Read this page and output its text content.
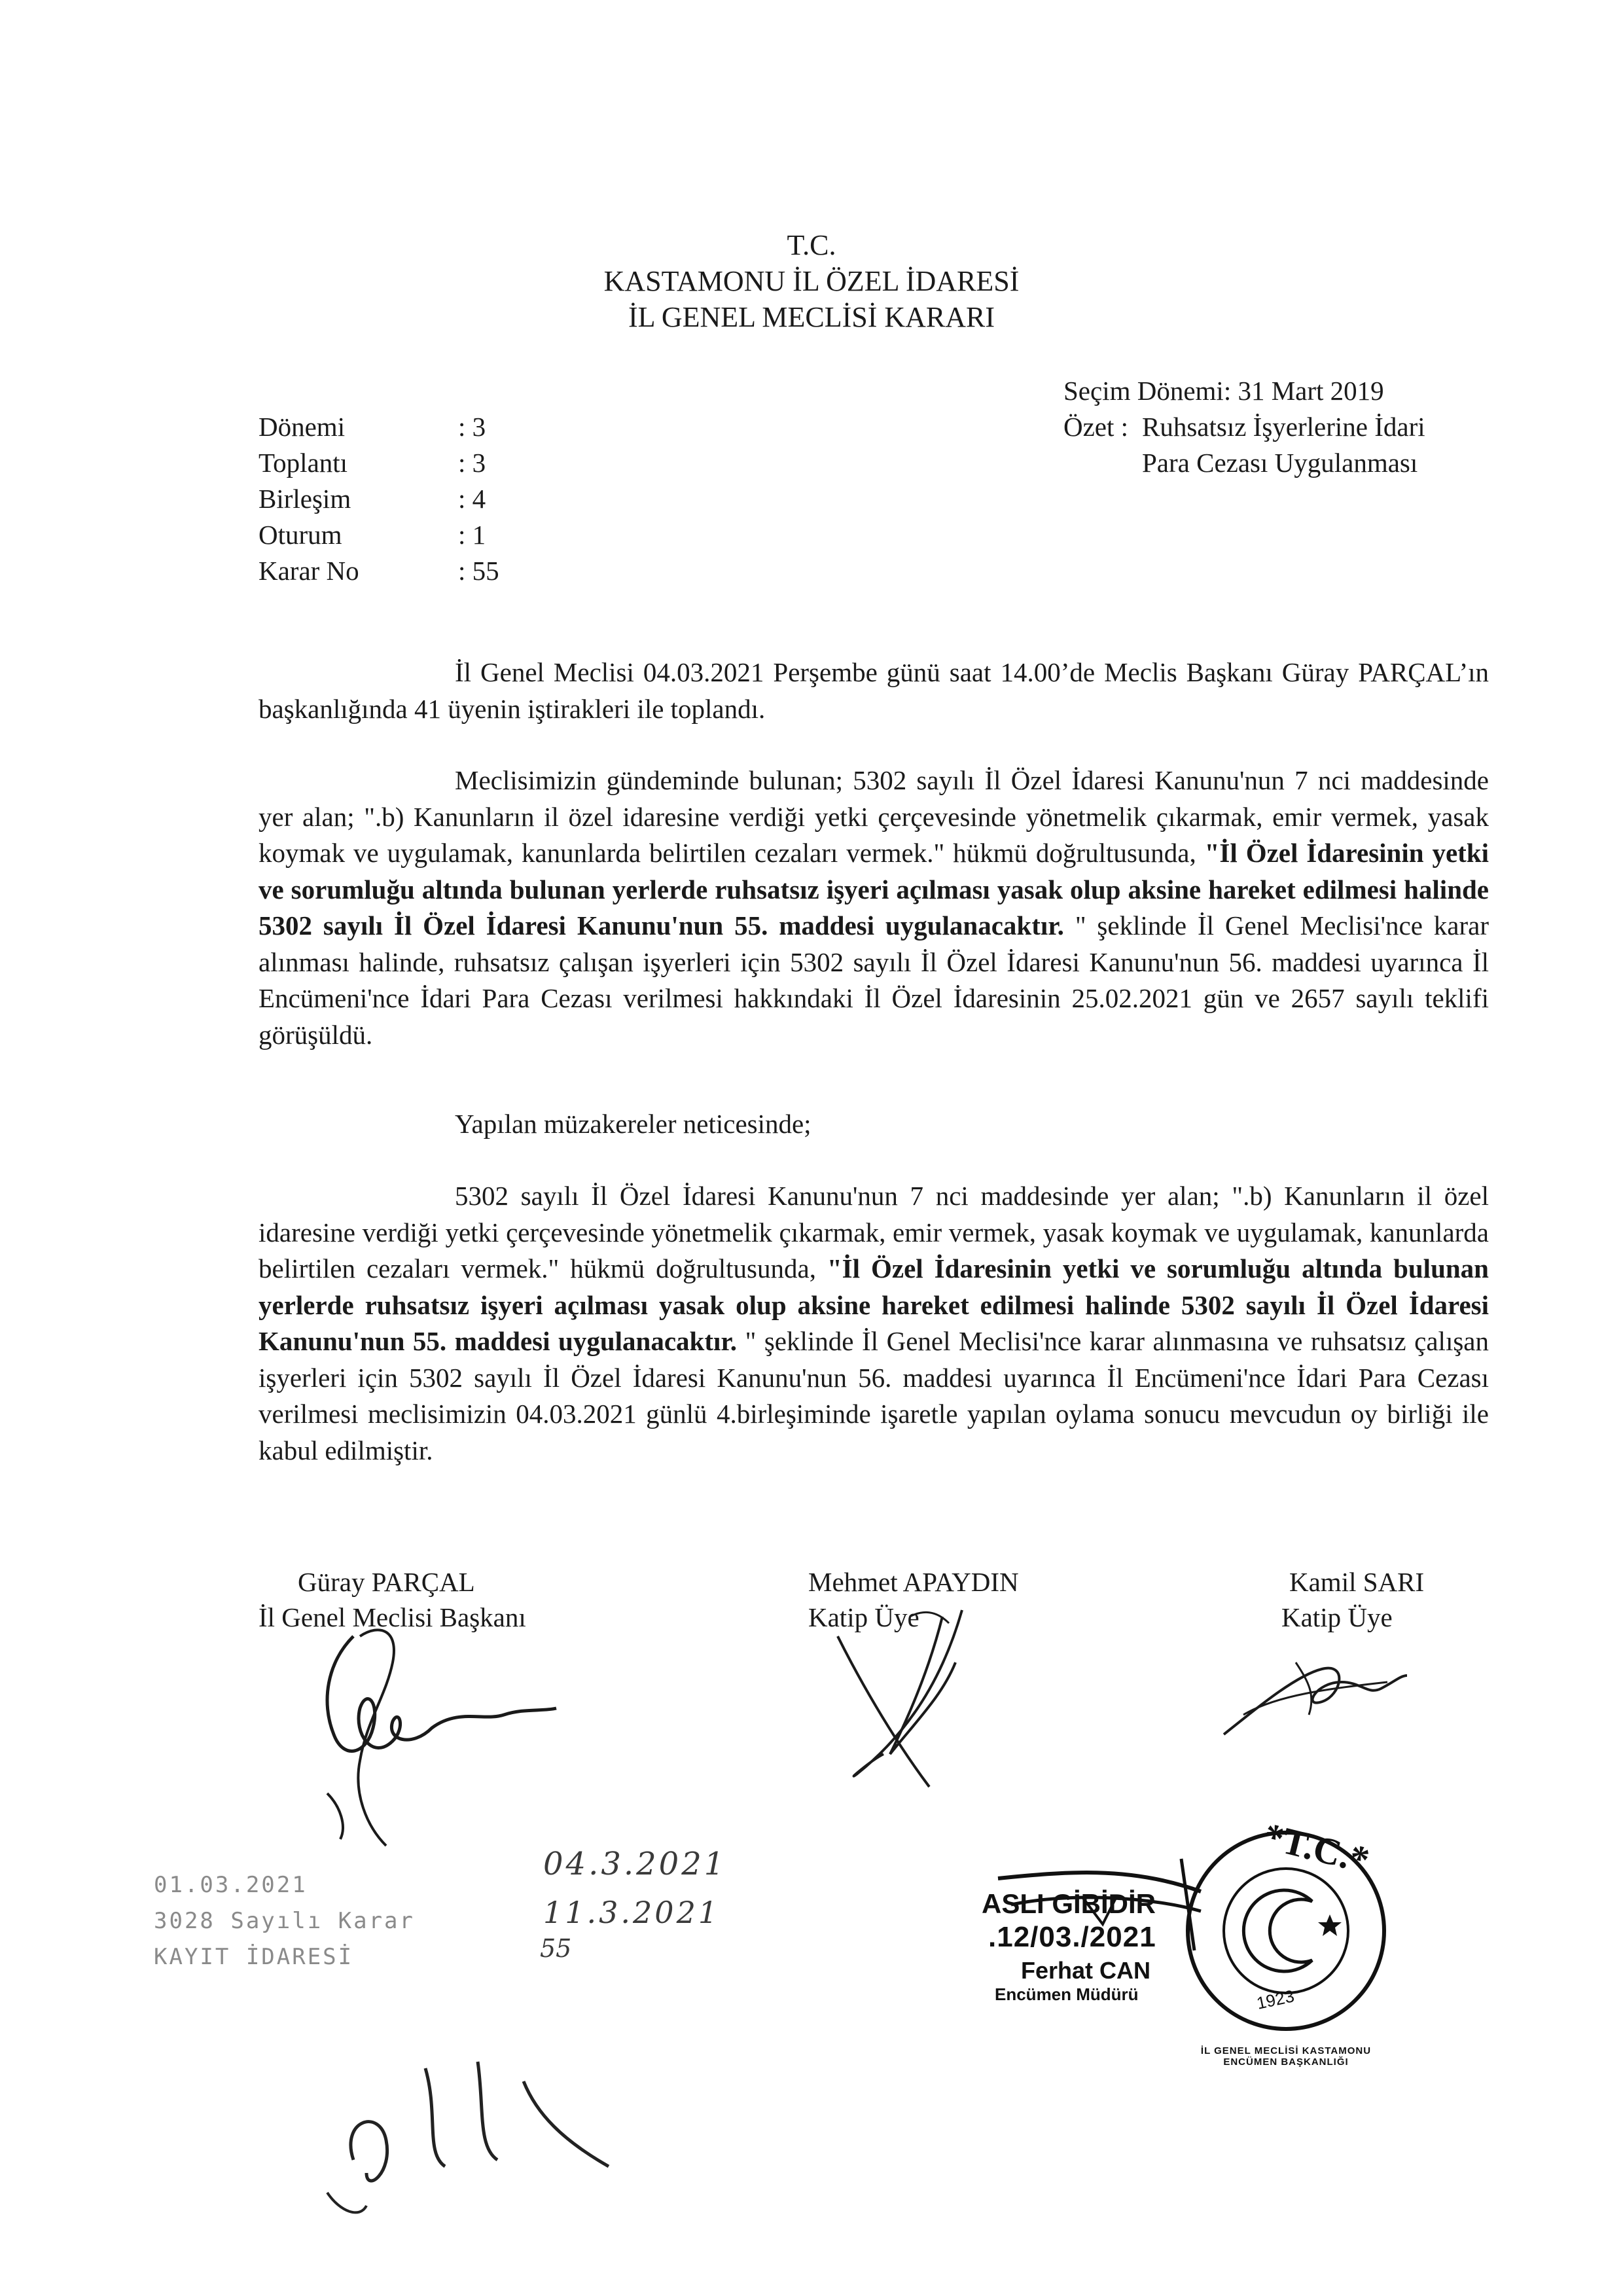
T.C.
KASTAMONU İL ÖZEL İDARESİ
İL GENEL MECLİSİ KARARI
Dönemi	: 3
Toplantı	: 3
Birleşim	: 4
Oturum	: 1
Karar No	: 55
Seçim Dönemi: 31 Mart 2019
Özet : Ruhsatsız İşyerlerine İdari
Para Cezası Uygulanması

İl Genel Meclisi 04.03.2021 Perşembe günü saat 14.00’de Meclis Başkanı Güray PARÇAL’ın başkanlığında 41 üyenin iştirakleri ile toplandı.

Meclisimizin gündeminde bulunan; 5302 sayılı İl Özel İdaresi Kanunu'nun 7 nci maddesinde yer alan; ".b) Kanunların il özel idaresine verdiği yetki çerçevesinde yönetmelik çıkarmak, emir vermek, yasak koymak ve uygulamak, kanunlarda belirtilen cezaları vermek." hükmü doğrultusunda, "İl Özel İdaresinin yetki ve sorumluğu altında bulunan yerlerde ruhsatsız işyeri açılması yasak olup aksine hareket edilmesi halinde 5302 sayılı İl Özel İdaresi Kanunu'nun 55. maddesi uygulanacaktır. " şeklinde İl Genel Meclisi'nce karar alınması halinde, ruhsatsız çalışan işyerleri için 5302 sayılı İl Özel İdaresi Kanunu'nun 56. maddesi uyarınca İl Encümeni'nce İdari Para Cezası verilmesi hakkındaki İl Özel İdaresinin 25.02.2021 gün ve 2657 sayılı teklifi görüşüldü.

Yapılan müzakereler neticesinde;

5302 sayılı İl Özel İdaresi Kanunu'nun 7 nci maddesinde yer alan; ".b) Kanunların il özel idaresine verdiği yetki çerçevesinde yönetmelik çıkarmak, emir vermek, yasak koymak ve uygulamak, kanunlarda belirtilen cezaları vermek." hükmü doğrultusunda, "İl Özel İdaresinin yetki ve sorumluğu altında bulunan yerlerde ruhsatsız işyeri açılması yasak olup aksine hareket edilmesi halinde 5302 sayılı İl Özel İdaresi Kanunu'nun 55. maddesi uygulanacaktır. " şeklinde İl Genel Meclisi'nce karar alınmasına ve ruhsatsız çalışan işyerleri için 5302 sayılı İl Özel İdaresi Kanunu'nun 56. maddesi uyarınca İl Encümeni'nce İdari Para Cezası verilmesi meclisimizin 04.03.2021 günlü 4.birleşiminde işaretle yapılan oylama sonucu mevcudun oy birliği ile kabul edilmiştir.

Güray PARÇAL
İl Genel Meclisi Başkanı
Mehmet APAYDIN
Katip Üye
Kamil SARI
Katip Üye
04.3.2021
11.3.2021
55
01.03.2021
3028 Sayılı Karar
KAYIT İDARESİ
ASLI GİBİDİR
.12/03./2021
Ferhat CAN
Encümen Müdürü
*T.C.*
1923
İL GENEL MECLİSİ KASTAMONU ENCÜMEN BAŞKANLIĞI
